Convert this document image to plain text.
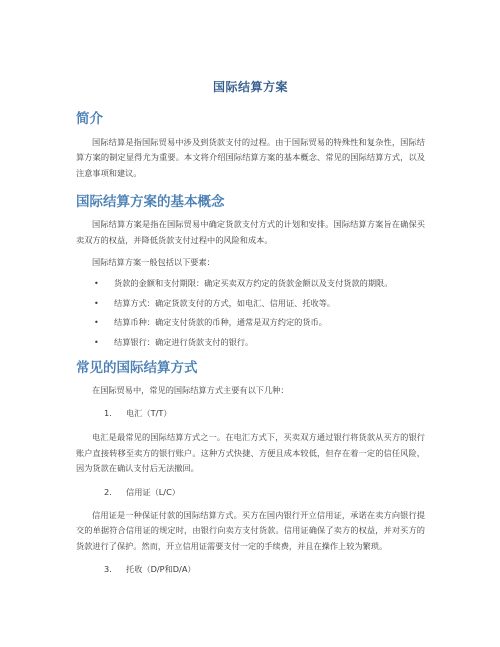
国际结算方案
简介

国际结算是指国际贸易中涉及到货款支付的过程。由于国际贸易的特殊性和复杂性，国际结算方案的制定显得尤为重要。本文将介绍国际结算方案的基本概念、常见的国际结算方式，以及注意事项和建议。

国际结算方案的基本概念

国际结算方案是指在国际贸易中确定货款支付方式的计划和安排。国际结算方案旨在确保买卖双方的权益，并降低货款支付过程中的风险和成本。

国际结算方案一般包括以下要素：

• 货款的金额和支付期限：确定买卖双方约定的货款金额以及支付货款的期限。
• 结算方式：确定货款支付的方式，如电汇、信用证、托收等。
• 结算币种：确定支付货款的币种，通常是双方约定的货币。
• 结算银行：确定进行货款支付的银行。
常见的国际结算方式

在国际贸易中，常见的国际结算方式主要有以下几种：

1. 电汇（T/T）

电汇是最常见的国际结算方式之一。在电汇方式下，买卖双方通过银行将货款从买方的银行账户直接转移至卖方的银行账户。这种方式快捷、方便且成本较低，但存在着一定的信任风险，因为货款在确认支付后无法撤回。

2. 信用证（L/C）

信用证是一种保证付款的国际结算方式。买方在国内银行开立信用证，承诺在卖方向银行提交的单据符合信用证的规定时，由银行向卖方支付货款。信用证确保了卖方的权益，并对买方的货款进行了保护。然而，开立信用证需要支付一定的手续费，并且在操作上较为繁琐。

3. 托收（D/P和D/A）
